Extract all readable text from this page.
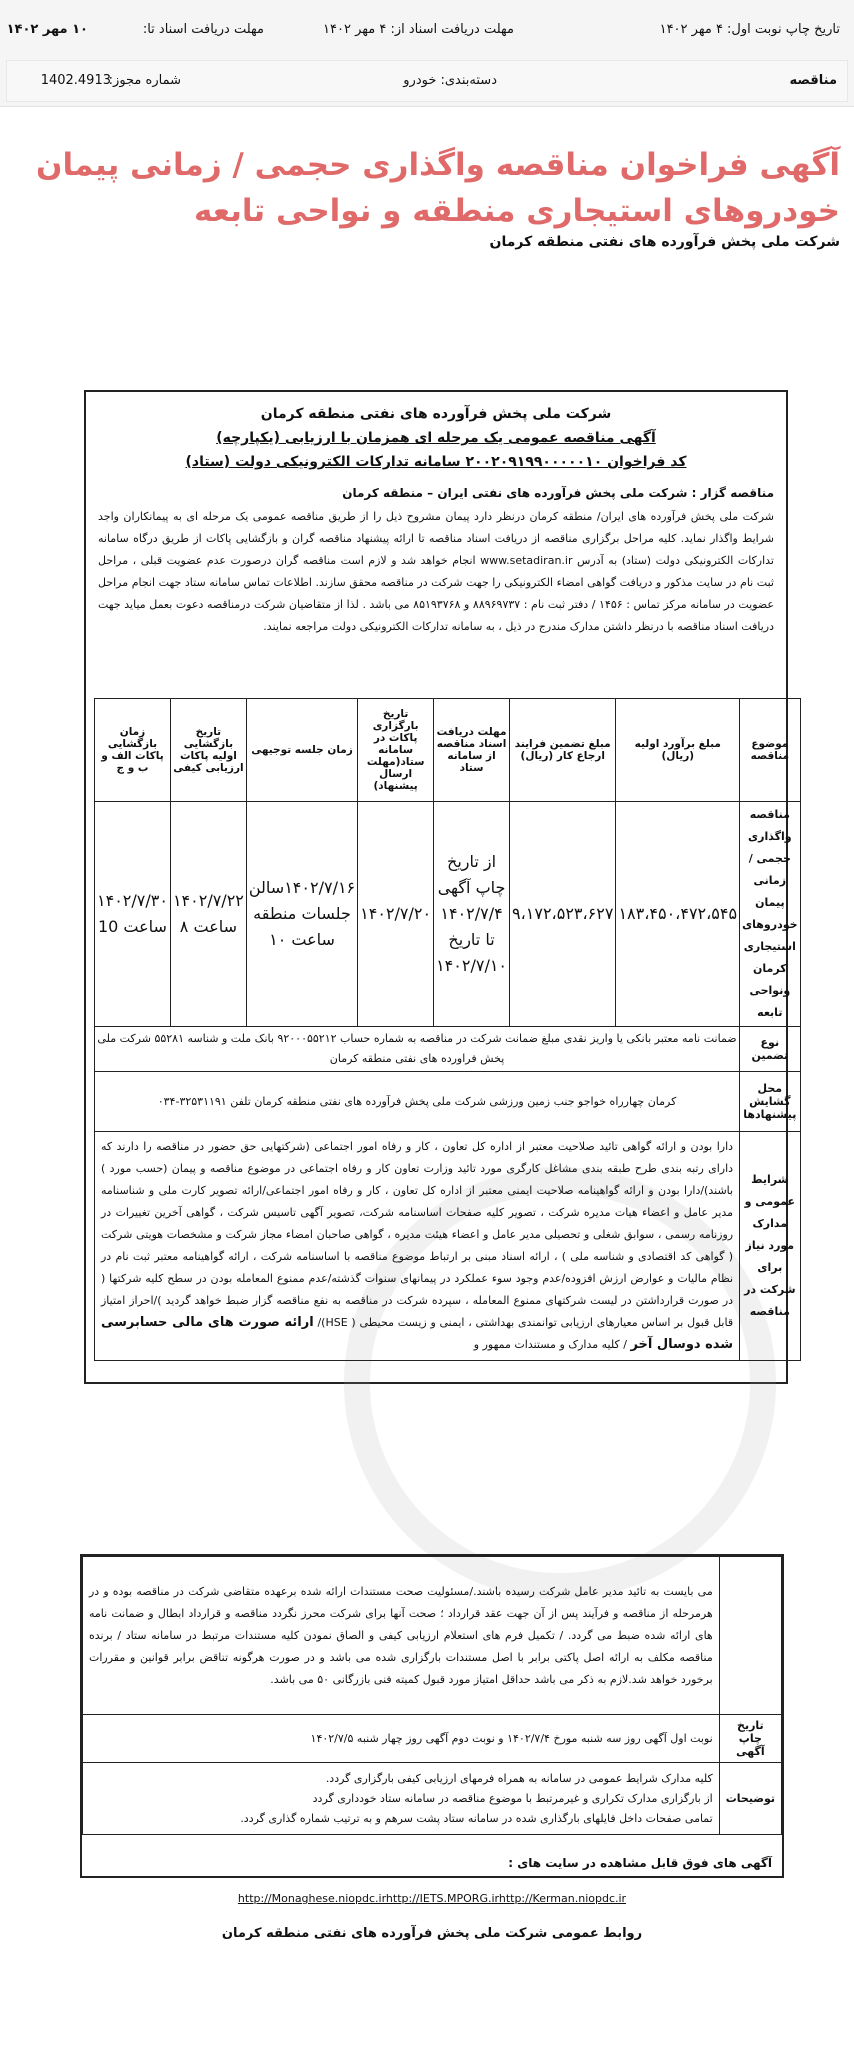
تاریخ چاپ نوبت اول: ۴ مهر ۱۴۰۲
مهلت دریافت اسناد از: ۴ مهر ۱۴۰۲
مهلت دریافت اسناد تا:
۱۰ مهر ۱۴۰۲
مناقصه
دسته‌بندی: خودرو
شماره مجوز:
1402.4913
آگهی فراخوان مناقصه واگذاری حجمی / زمانی پیمان خودروهای استیجاری منطقه و نواحی تابعه
شرکت ملی پخش فرآورده های نفتی منطقه کرمان
شرکت ملی پخش فرآورده های نفتی منطقه کرمان
آگهی مناقصه عمومی یک مرحله ای همزمان با ارزیابی (یکپارچه)
کد فراخوان ۲۰۰۲۰۹۱۹۹۰۰۰۰۰۱۰ سامانه تدارکات الکترونیکی دولت (ستاد)
مناقصه گزار : شرکت ملی پخش فرآورده های نفتی ایران – منطقه کرمان
شرکت ملی پخش فرآورده های ایران/ منطقه کرمان درنظر دارد پیمان مشروح ذیل را از طریق مناقصه عمومی یک مرحله ای به پیمانکاران واجد شرایط واگذار نماید. کلیه مراحل برگزاری مناقصه از دریافت اسناد مناقصه تا ارائه پیشنهاد مناقصه گران و بازگشایی پاکات از طریق درگاه سامانه تدارکات الکترونیکی دولت (ستاد) به آدرس www.setadiran.ir انجام خواهد شد و لازم است مناقصه گران درصورت عدم عضویت قبلی ، مراحل ثبت نام در سایت مذکور و دریافت گواهی امضاء الکترونیکی را جهت شرکت در مناقصه محقق سازند. اطلاعات تماس سامانه ستاد جهت انجام مراحل عضویت در سامانه مرکز تماس : ۱۴۵۶ / دفتر ثبت نام : ۸۸۹۶۹۷۳۷ و ۸۵۱۹۳۷۶۸ می باشد . لذا از متقاضیان شرکت درمناقصه دعوت بعمل میاید جهت دریافت اسناد مناقصه با درنظر داشتن مدارک مندرج در ذیل ، به سامانه تدارکات الکترونیکی دولت مراجعه نمایند.
موضوع مناقصه	مبلغ برآورد اولیه (ریال)	مبلغ تضمین فرایند ارجاع کار (ریال)	مهلت دریافت اسناد مناقصه از سامانه ستاد	تاریخ بارگزاری پاکات در سامانه ستاد(مهلت ارسال پیشنهاد)	زمان جلسه توجیهی	تاریخ بازگشایی اولیه پاکات ارزیابی کیفی	زمان بازگشایی پاکات الف و ب و ج
مناقصه واگذاری حجمی /زمانی پیمان خودروهای استیجاری کرمان ونواحی تابعه	۱۸۳،۴۵۰،۴۷۲،۵۴۵	۹،۱۷۲،۵۲۳،۶۲۷	از تاریخ چاپ آگهی ۱۴۰۲/۷/۴ تا تاریخ ۱۴۰۲/۷/۱۰	۱۴۰۲/۷/۲۰	۱۴۰۲/۷/۱۶سالن جلسات منطقه ساعت ۱۰	۱۴۰۲/۷/۲۲ ساعت ۸	۱۴۰۲/۷/۳۰ ساعت 10
نوع تضمین	ضمانت نامه معتبر بانکی یا واریز نقدی مبلغ ضمانت شرکت در مناقصه به شماره حساب ۹۲۰۰۰۵۵۲۱۲ بانک ملت و شناسه ۵۵۲۸۱ شرکت ملی پخش فراورده های نفتی منطقه کرمان						
محل گشایش پیشنهادها	کرمان چهارراه خواجو جنب زمین ورزشی شرکت ملی پخش فرآورده های نفتی منطقه کرمان تلفن ۳۲۵۳۱۱۹۱-۰۳۴						
شرایط عمومی و مدارک مورد نیاز برای شرکت در مناقصه	دارا بودن و ارائه گواهی تائید صلاحیت معتبر از اداره کل تعاون ، کار و رفاه امور اجتماعی (شرکتهایی حق حضور در مناقصه را دارند که دارای رتبه بندی طرح طبقه بندی مشاغل کارگری مورد تائید وزارت تعاون کار و رفاه اجتماعی در موضوع مناقصه و پیمان (حسب مورد ) باشند)/دارا بودن و ارائه گواهینامه صلاحیت ایمنی معتبر از اداره کل تعاون ، کار و رفاه امور اجتماعی/ارائه تصویر کارت ملی و شناسنامه مدیر عامل و اعضاء هیات مدیره شرکت ، تصویر کلیه صفحات اساسنامه شرکت، تصویر آگهی تاسیس شرکت ، گواهی آخرین تغییرات در روزنامه رسمی ، سوابق شغلی و تحصیلی مدیر عامل و اعضاء هیئت مدیره ، گواهی صاحبان امضاء مجاز شرکت و مشخصات هویتی شرکت ( گواهی کد اقتصادی و شناسه ملی ) ، ارائه اسناد مبنی بر ارتباط موضوع مناقصه با اساسنامه شرکت ، ارائه گواهینامه معتبر ثبت نام در نظام مالیات و عوارض ارزش افزوده/عدم وجود سوء عملکرد در پیمانهای سنوات گذشته/عدم ممنوع المعامله بودن در سطح کلیه شرکتها ( در صورت قرارداشتن در لیست شرکتهای ممنوع المعامله ، سپرده شرکت در مناقصه به نفع مناقصه گزار ضبط خواهد گردید )/احراز امتیاز قابل قبول بر اساس معیارهای ارزیابی توانمندی بهداشتی ، ایمنی و زیست محیطی ( HSE)/ ارائه صورت های مالی حسابرسی شده دوسال آخر / کلیه مدارک و مستندات ممهور و						
	می بایست به تائید مدیر عامل شرکت رسیده باشند./مسئولیت صحت مستندات ارائه شده برعهده متقاضی شرکت در مناقصه بوده و در هرمرحله از مناقصه و فرآیند پس از آن جهت عقد قرارداد ؛ صحت آنها برای شرکت محرز نگردد مناقصه و قرارداد ابطال و ضمانت نامه های ارائه شده ضبط می گردد. / تکمیل فرم های استعلام ارزیابی کیفی و الصاق نمودن کلیه مستندات مرتبط در سامانه ستاد / برنده مناقصه مکلف به ارائه اصل پاکتی برابر با اصل مستندات بارگزاری شده می باشد و در صورت هرگونه تناقض برابر قوانین و مقررات برخورد خواهد شد.لازم به ذکر می باشد حداقل امتیاز مورد قبول کمیته فنی بازرگانی ۵۰ می باشد.
تاریخ چاپ آگهی	نوبت اول آگهی روز سه شنبه مورخ ۱۴۰۲/۷/۴ و نوبت دوم آگهی روز چهار شنبه ۱۴۰۲/۷/۵
توضیحات	کلیه مدارک شرایط عمومی در سامانه به همراه فرمهای ارزیابی کیفی بارگزاری گردد.
از بارگزاری مدارک تکراری و غیرمرتبط با موضوع مناقصه در سامانه ستاد خودداری گردد
تمامی صفحات داخل فایلهای بارگذاری شده در سامانه ستاد پشت سرهم و به ترتیب شماره گذاری گردد.
آگهی های فوق قابل مشاهده در سایت های :
http://Monaghese.niopdc.irhttp://IETS.MPORG.irhttp://Kerman.niopdc.ir
روابط عمومی شرکت ملی پخش فرآورده های نفتی منطقه کرمان
